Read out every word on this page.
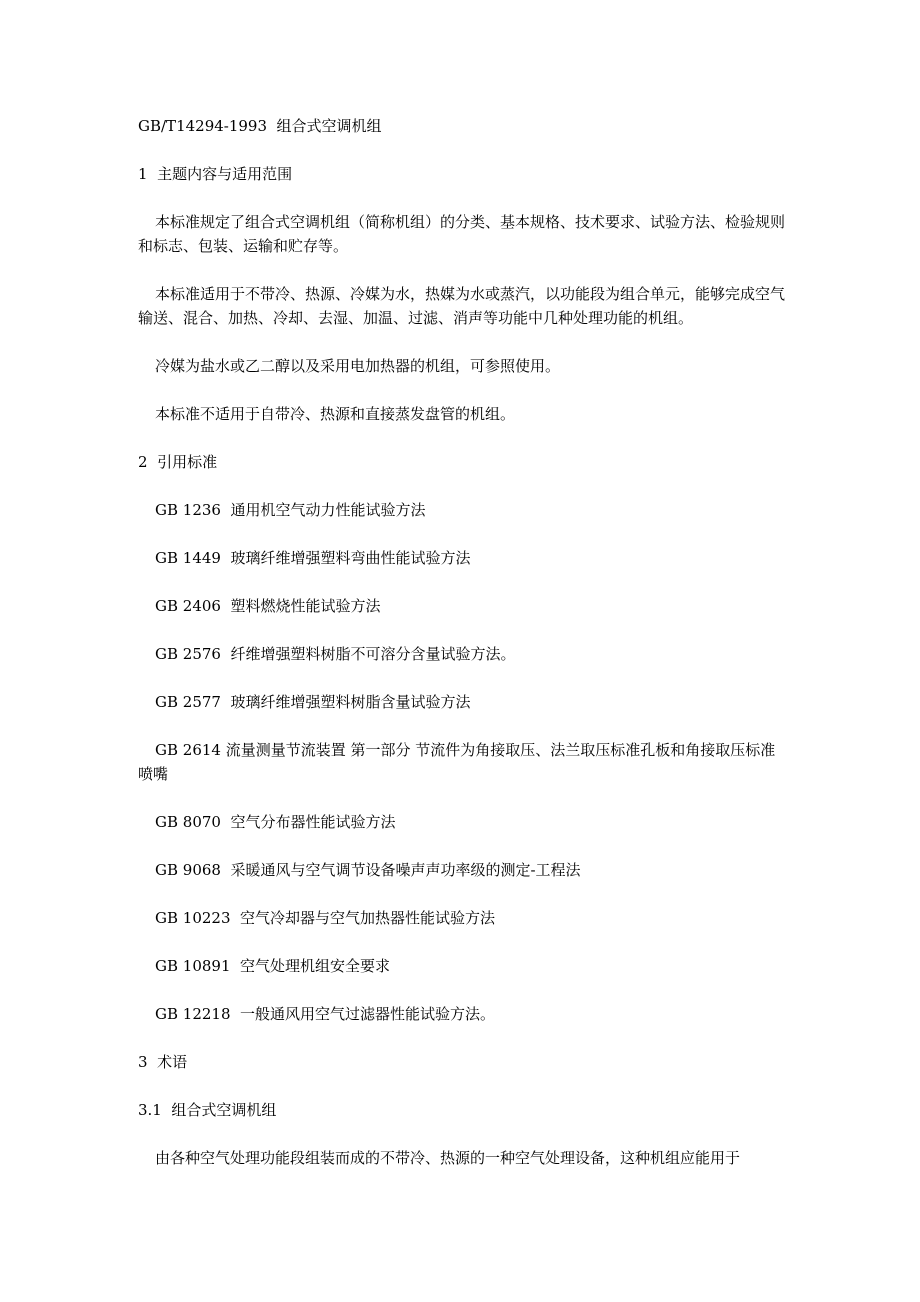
GB/T14294-1993  组合式空调机组

1  主题内容与适用范围

本标准规定了组合式空调机组（简称机组）的分类、基本规格、技术要求、试验方法、检验规则和标志、包装、运输和贮存等。

本标准适用于不带冷、热源、冷媒为水，热媒为水或蒸汽，以功能段为组合单元，能够完成空气输送、混合、加热、冷却、去湿、加温、过滤、消声等功能中几种处理功能的机组。

冷媒为盐水或乙二醇以及采用电加热器的机组，可参照使用。

本标准不适用于自带冷、热源和直接蒸发盘管的机组。

2  引用标准

GB 1236  通用机空气动力性能试验方法

GB 1449  玻璃纤维增强塑料弯曲性能试验方法

GB 2406  塑料燃烧性能试验方法

GB 2576  纤维增强塑料树脂不可溶分含量试验方法。

GB 2577  玻璃纤维增强塑料树脂含量试验方法

GB 2614 流量测量节流装置 第一部分 节流件为角接取压、法兰取压标准孔板和角接取压标准喷嘴

GB 8070  空气分布器性能试验方法

GB 9068  采暖通风与空气调节设备噪声声功率级的测定-工程法

GB 10223  空气冷却器与空气加热器性能试验方法

GB 10891  空气处理机组安全要求

GB 12218  一般通风用空气过滤器性能试验方法。

3  术语

3.1  组合式空调机组

由各种空气处理功能段组装而成的不带冷、热源的一种空气处理设备，这种机组应能用于
